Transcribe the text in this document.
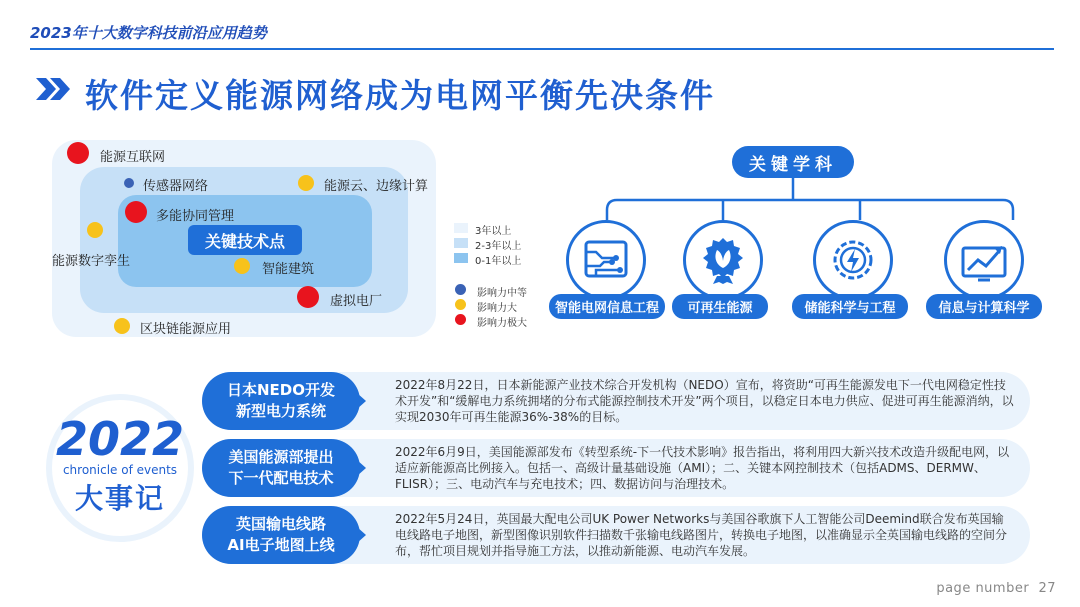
2023年十大数字科技前沿应用趋势
软件定义能源网络成为电网平衡先决条件
关键技术点
能源互联网
传感器网络	能源云、边缘计算
多能协同管理
能源数字孪生
智能建筑
虚拟电厂
区块链能源应用
3年以上
2-3年以上
0-1年以上
影响力中等
影响力大
影响力极大
关键学科
智能电网信息工程	可再生能源	储能科学与工程	信息与计算科学
2022
chronicle of events
大事记
日本NEDO开发
新型电力系统
2022年8月22日，日本新能源产业技术综合开发机构（NEDO）宣布，将资助“可再生能源发电下一代电网稳定性技术开发”和“缓解电力系统拥堵的分布式能源控制技术开发”两个项目，以稳定日本电力供应、促进可再生能源消纳，以实现2030年可再生能源36%-38%的目标。
美国能源部提出
下一代配电技术
2022年6月9日，美国能源部发布《转型系统-下一代技术影响》报告指出，将利用四大新兴技术改造升级配电网，以适应新能源高比例接入。包括一、高级计量基础设施（AMI）；二、关键本网控制技术（包括ADMS、DERMW、FLISR）；三、电动汽车与充电技术；四、数据访问与治理技术。
英国输电线路
AI电子地图上线
2022年5月24日，英国最大配电公司UK Power Networks与美国谷歌旗下人工智能公司Deemind联合发布英国输电线路电子地图，新型图像识别软件扫描数千张输电线路图片，转换电子地图，以准确显示全英国输电线路的空间分布，帮忙项目规划并指导施工方法，以推动新能源、电动汽车发展。
page number 27
